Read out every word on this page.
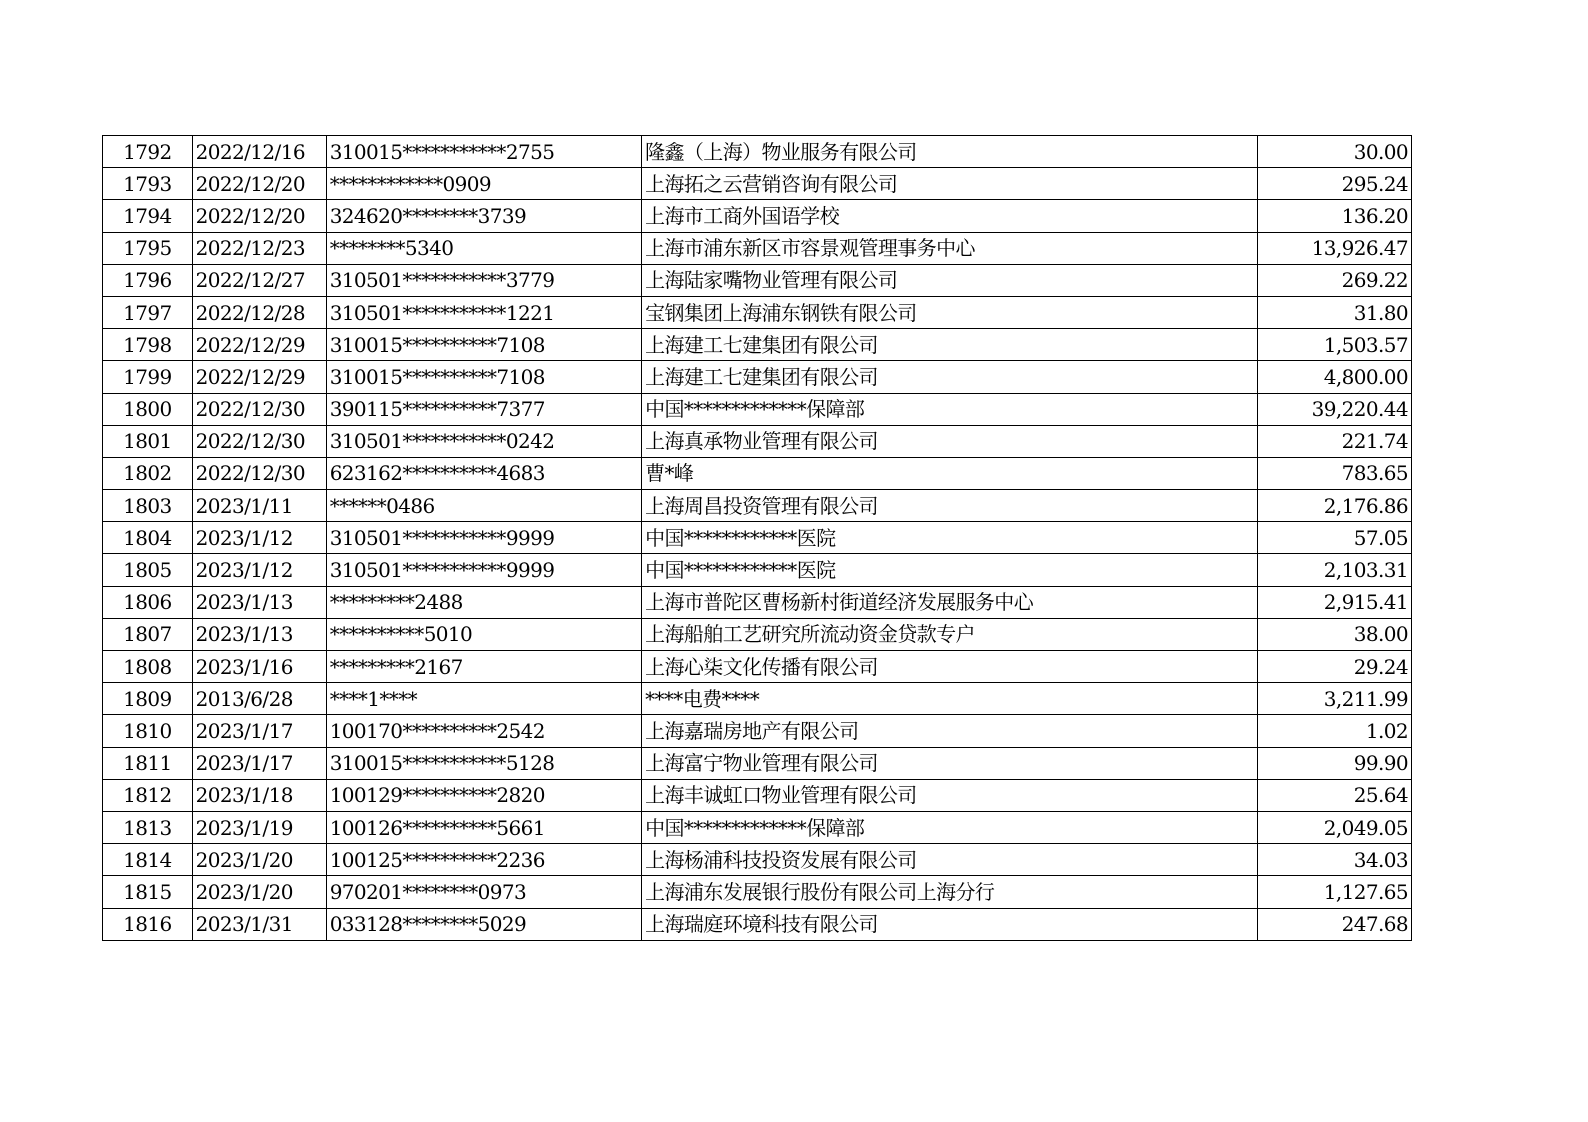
1792	2022/12/16	310015***********2755	隆鑫（上海）物业服务有限公司	30.00
1793	2022/12/20	************0909	上海拓之云营销咨询有限公司	295.24
1794	2022/12/20	324620********3739	上海市工商外国语学校	136.20
1795	2022/12/23	********5340	上海市浦东新区市容景观管理事务中心	13,926.47
1796	2022/12/27	310501***********3779	上海陆家嘴物业管理有限公司	269.22
1797	2022/12/28	310501***********1221	宝钢集团上海浦东钢铁有限公司	31.80
1798	2022/12/29	310015**********7108	上海建工七建集团有限公司	1,503.57
1799	2022/12/29	310015**********7108	上海建工七建集团有限公司	4,800.00
1800	2022/12/30	390115**********7377	中国*************保障部	39,220.44
1801	2022/12/30	310501***********0242	上海真承物业管理有限公司	221.74
1802	2022/12/30	623162**********4683	曹*峰	783.65
1803	2023/1/11	******0486	上海周昌投资管理有限公司	2,176.86
1804	2023/1/12	310501***********9999	中国************医院	57.05
1805	2023/1/12	310501***********9999	中国************医院	2,103.31
1806	2023/1/13	*********2488	上海市普陀区曹杨新村街道经济发展服务中心	2,915.41
1807	2023/1/13	**********5010	上海船舶工艺研究所流动资金贷款专户	38.00
1808	2023/1/16	*********2167	上海心柒文化传播有限公司	29.24
1809	2013/6/28	****1****	****电费****	3,211.99
1810	2023/1/17	100170**********2542	上海嘉瑞房地产有限公司	1.02
1811	2023/1/17	310015***********5128	上海富宁物业管理有限公司	99.90
1812	2023/1/18	100129**********2820	上海丰诚虹口物业管理有限公司	25.64
1813	2023/1/19	100126**********5661	中国*************保障部	2,049.05
1814	2023/1/20	100125**********2236	上海杨浦科技投资发展有限公司	34.03
1815	2023/1/20	970201********0973	上海浦东发展银行股份有限公司上海分行	1,127.65
1816	2023/1/31	033128********5029	上海瑞庭环境科技有限公司	247.68
